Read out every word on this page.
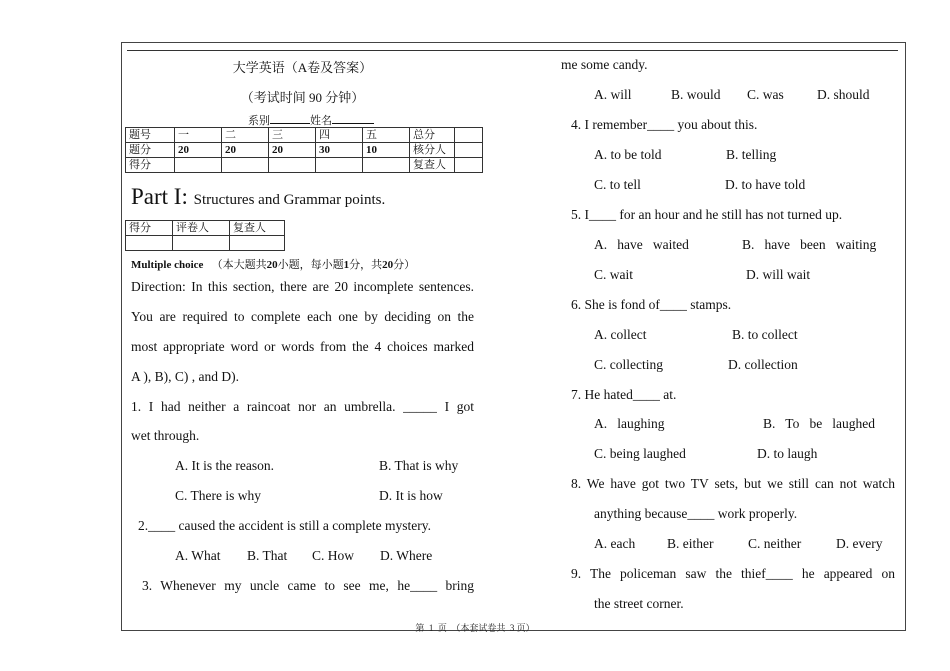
大学英语（A卷及答案）
（考试时间 90 分钟）
系别	姓名
题号	一	二	三	四	五	总分	
题分	20	20	20	30	10	核分人	
得分						复查人	
Part I: Structures and Grammar points.
得分	评卷人	复查人

Multiple choice （本大题共20小题，每小题1分，共20分）
Direction: In this section, there are 20 incomplete sentences.
You are required to complete each one by deciding on the
most appropriate word or words from the 4 choices marked
A ), B), C) , and D).
1. I had neither a raincoat nor an umbrella. _____ I got
wet through.
A. It is the reason.	B. That is why
C. There is why	D. It is how
2.____ caused the accident is still a complete mystery.
A. What B. That C. How D. Where
3. Whenever my uncle came to see me, he____ bring
me some candy.
A. will	B. would C. was D. should
4. I remember____ you about this.
A. to be told	B. telling
C. to tell	D. to have told
5. I____ for an hour and he still has not turned up.
A.   have   waited	B.   have   been   waiting
C. wait	D. will wait
6. She is fond of____ stamps.
A. collect	B. to collect
C. collecting	D. collection
7. He hated____ at.
A.   laughing	B.   To   be   laughed
C. being laughed	D. to laugh
8. We have got two TV sets, but we still can not watch
anything because____ work properly.
A. each B. either	C. neither	D. every
9. The policeman saw the thief____ he appeared on
the street corner.
第  1  页  （本套试卷共  3 页）
